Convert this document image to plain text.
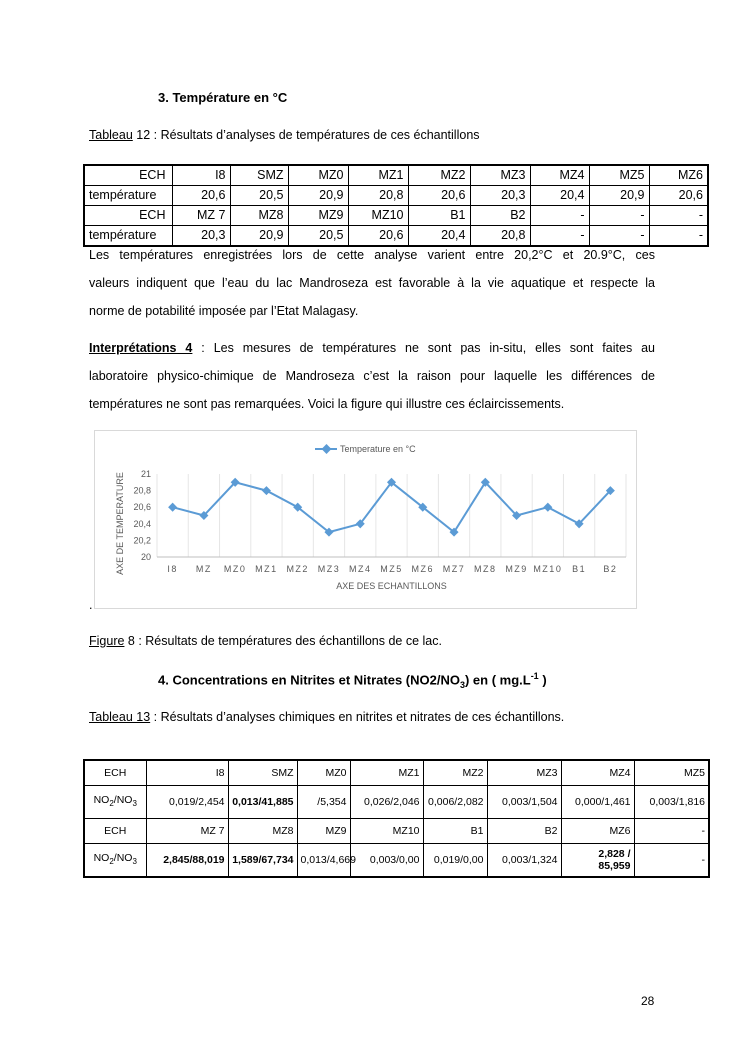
3. Température en °C
Tableau 12 : Résultats d’analyses de températures de ces échantillons
ECH	I8	SMZ	MZ0	MZ1	MZ2	MZ3	MZ4	MZ5	MZ6
température	20,6	20,5	20,9	20,8	20,6	20,3	20,4	20,9	20,6
ECH	MZ 7	MZ8	MZ9	MZ10	B1	B2	-	-	-
température	20,3	20,9	20,5	20,6	20,4	20,8	-	-	-
Les températures enregistrées lors de cette analyse varient entre 20,2°C et 20.9°C, ces
valeurs indiquent que l’eau du lac Mandroseza est favorable à la vie aquatique et respecte la
norme de potabilité imposée par l’Etat Malagasy.
Interprétations 4 : Les mesures de températures ne sont pas in-situ, elles sont faites au
laboratoire physico-chimique de Mandroseza c’est la raison pour laquelle les différences de
températures ne sont pas remarquées. Voici la figure qui illustre ces éclaircissements.
20
20,2
20,4
20,6
20,8
21
I8 MZ MZ0 MZ1 MZ2 MZ3 MZ4 MZ5 MZ6 MZ7 MZ8 MZ9 MZ10 B1 B2
AXE DES ECHANTILLONS
AXE DE TEMPERATURE
Temperature en °C
.
Figure 8 : Résultats de températures des échantillons de ce lac.
4. Concentrations en Nitrites et Nitrates $(NO2/NO_3)$ en ( $mg.L^{-1}$ )
Tableau 13 : Résultats d’analyses chimiques en nitrites et nitrates de ces échantillons.
ECH	I8	SMZ	MZ0	MZ1	MZ2	MZ3	MZ4	MZ5
$NO_2/NO_3$	0,019/2,454	0,013/41,885	/5,354	0,026/2,046	0,006/2,082	0,003/1,504	0,000/1,461	0,003/1,816
ECH	MZ 7	MZ8	MZ9	MZ10	B1	B2	MZ6	-
$NO_2/NO_3$	2,845/88,019	1,589/67,734	0,013/4,669	0,003/0,00	0,019/0,00	0,003/1,324	2,828 / 85,959	-
28
